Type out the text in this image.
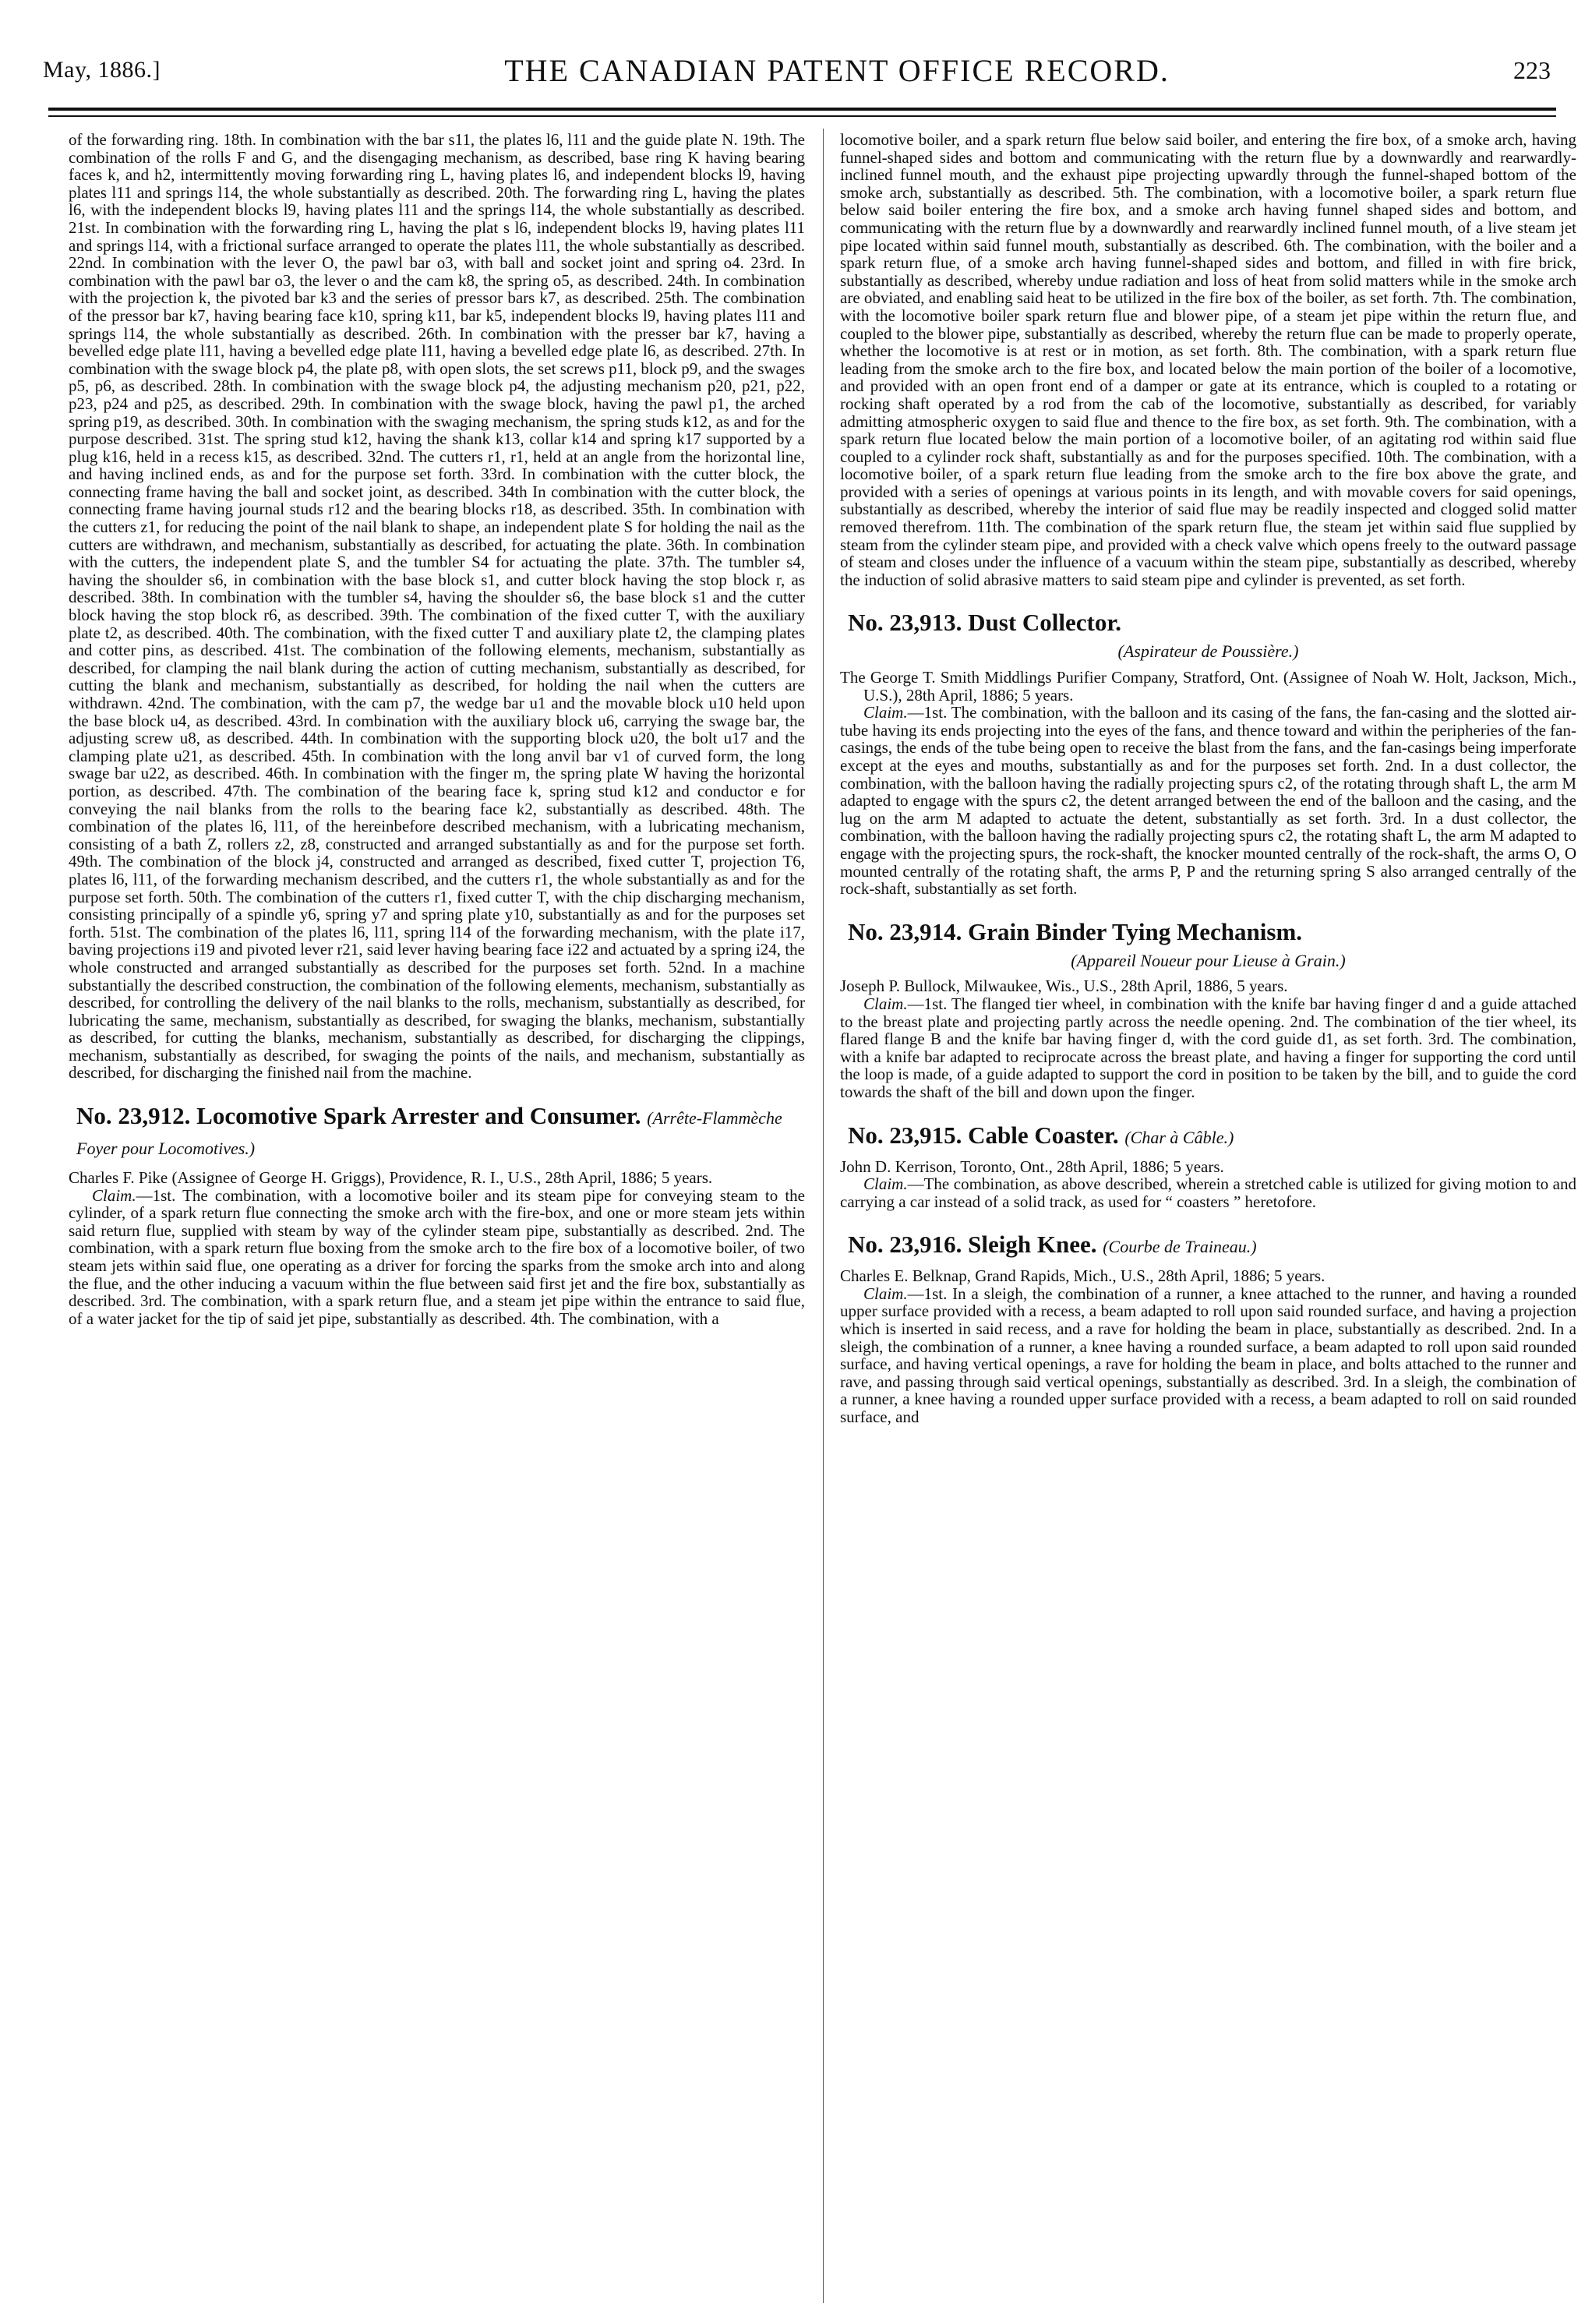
May, 1886.]	THE CANADIAN PATENT OFFICE RECORD.	223

of the forwarding ring. 18th. In combination with the bar s11, the plates l6, l11 and the guide plate N. 19th. The combination of the rolls F and G, and the disengaging mechanism, as described, base ring K having bearing faces k, and h2, intermittently moving forwarding ring L, having plates l6, and independent blocks l9, having plates l11 and springs l14, the whole substantially as described. 20th. The forwarding ring L, having the plates l6, with the independent blocks l9, having plates l11 and the springs l14, the whole substantially as described. 21st. In combination with the forwarding ring L, having the plat s l6, independent blocks l9, having plates l11 and springs l14, with a frictional surface arranged to operate the plates l11, the whole substantially as described. 22nd. In combination with the lever O, the pawl bar o3, with ball and socket joint and spring o4. 23rd. In combination with the pawl bar o3, the lever o and the cam k8, the spring o5, as described. 24th. In combination with the projection k, the pivoted bar k3 and the series of pressor bars k7, as described. 25th. The combination of the pressor bar k7, having bearing face k10, spring k11, bar k5, independent blocks l9, having plates l11 and springs l14, the whole substantially as described. 26th. In combination with the presser bar k7, having a bevelled edge plate l11, having a bevelled edge plate l11, having a bevelled edge plate l6, as described. 27th. In combination with the swage block p4, the plate p8, with open slots, the set screws p11, block p9, and the swages p5, p6, as described. 28th. In combination with the swage block p4, the adjusting mechanism p20, p21, p22, p23, p24 and p25, as described. 29th. In combination with the swage block, having the pawl p1, the arched spring p19, as described. 30th. In combination with the swaging mechanism, the spring studs k12, as and for the purpose described. 31st. The spring stud k12, having the shank k13, collar k14 and spring k17 supported by a plug k16, held in a recess k15, as described. 32nd. The cutters r1, r1, held at an angle from the horizontal line, and having inclined ends, as and for the purpose set forth. 33rd. In combination with the cutter block, the connecting frame having the ball and socket joint, as described. 34th In combination with the cutter block, the connecting frame having journal studs r12 and the bearing blocks r18, as described. 35th. In combination with the cutters z1, for reducing the point of the nail blank to shape, an independent plate S for holding the nail as the cutters are withdrawn, and mechanism, substantially as described, for actuating the plate. 36th. In combination with the cutters, the independent plate S, and the tumbler S4 for actuating the plate. 37th. The tumbler s4, having the shoulder s6, in combination with the base block s1, and cutter block having the stop block r, as described. 38th. In combination with the tumbler s4, having the shoulder s6, the base block s1 and the cutter block having the stop block r6, as described. 39th. The combination of the fixed cutter T, with the auxiliary plate t2, as described. 40th. The combination, with the fixed cutter T and auxiliary plate t2, the clamping plates and cotter pins, as described. 41st. The combination of the following elements, mechanism, substantially as described, for clamping the nail blank during the action of cutting mechanism, substantially as described, for cutting the blank and mechanism, substantially as described, for holding the nail when the cutters are withdrawn. 42nd. The combination, with the cam p7, the wedge bar u1 and the movable block u10 held upon the base block u4, as described. 43rd. In combination with the auxiliary block u6, carrying the swage bar, the adjusting screw u8, as described. 44th. In combination with the supporting block u20, the bolt u17 and the clamping plate u21, as described. 45th. In combination with the long anvil bar v1 of curved form, the long swage bar u22, as described. 46th. In combination with the finger m, the spring plate W having the horizontal portion, as described. 47th. The combination of the bearing face k, spring stud k12 and conductor e for conveying the nail blanks from the rolls to the bearing face k2, substantially as described. 48th. The combination of the plates l6, l11, of the hereinbefore described mechanism, with a lubricating mechanism, consisting of a bath Z, rollers z2, z8, constructed and arranged substantially as and for the purpose set forth. 49th. The combination of the block j4, constructed and arranged as described, fixed cutter T, projection T6, plates l6, l11, of the forwarding mechanism described, and the cutters r1, the whole substantially as and for the purpose set forth. 50th. The combination of the cutters r1, fixed cutter T, with the chip discharging mechanism, consisting principally of a spindle y6, spring y7 and spring plate y10, substantially as and for the purposes set forth. 51st. The combination of the plates l6, l11, spring l14 of the forwarding mechanism, with the plate i17, baving projections i19 and pivoted lever r21, said lever having bearing face i22 and actuated by a spring i24, the whole constructed and arranged substantially as described for the purposes set forth. 52nd. In a machine substantially the described construction, the combination of the following elements, mechanism, substantially as described, for controlling the delivery of the nail blanks to the rolls, mechanism, substantially as described, for lubricating the same, mechanism, substantially as described, for swaging the blanks, mechanism, substantially as described, for cutting the blanks, mechanism, substantially as described, for discharging the clippings, mechanism, substantially as described, for swaging the points of the nails, and mechanism, substantially as described, for discharging the finished nail from the machine.

No. 23,912. Locomotive Spark Arrester and Consumer. (Arrête-Flammèche Foyer pour Locomotives.)

Charles F. Pike (Assignee of George H. Griggs), Providence, R. I., U.S., 28th April, 1886; 5 years.

Claim.—1st. The combination, with a locomotive boiler and its steam pipe for conveying steam to the cylinder, of a spark return flue connecting the smoke arch with the fire-box, and one or more steam jets within said return flue, supplied with steam by way of the cylinder steam pipe, substantially as described. 2nd. The combination, with a spark return flue boxing from the smoke arch to the fire box of a locomotive boiler, of two steam jets within said flue, one operating as a driver for forcing the sparks from the smoke arch into and along the flue, and the other inducing a vacuum within the flue between said first jet and the fire box, substantially as described. 3rd. The combination, with a spark return flue, and a steam jet pipe within the entrance to said flue, of a water jacket for the tip of said jet pipe, substantially as described. 4th. The combination, with a

locomotive boiler, and a spark return flue below said boiler, and entering the fire box, of a smoke arch, having funnel-shaped sides and bottom and communicating with the return flue by a downwardly and rearwardly-inclined funnel mouth, and the exhaust pipe projecting upwardly through the funnel-shaped bottom of the smoke arch, substantially as described. 5th. The combination, with a locomotive boiler, a spark return flue below said boiler entering the fire box, and a smoke arch having funnel shaped sides and bottom, and communicating with the return flue by a downwardly and rearwardly inclined funnel mouth, of a live steam jet pipe located within said funnel mouth, substantially as described. 6th. The combination, with the boiler and a spark return flue, of a smoke arch having funnel-shaped sides and bottom, and filled in with fire brick, substantially as described, whereby undue radiation and loss of heat from solid matters while in the smoke arch are obviated, and enabling said heat to be utilized in the fire box of the boiler, as set forth. 7th. The combination, with the locomotive boiler spark return flue and blower pipe, of a steam jet pipe within the return flue, and coupled to the blower pipe, substantially as described, whereby the return flue can be made to properly operate, whether the locomotive is at rest or in motion, as set forth. 8th. The combination, with a spark return flue leading from the smoke arch to the fire box, and located below the main portion of the boiler of a locomotive, and provided with an open front end of a damper or gate at its entrance, which is coupled to a rotating or rocking shaft operated by a rod from the cab of the locomotive, substantially as described, for variably admitting atmospheric oxygen to said flue and thence to the fire box, as set forth. 9th. The combination, with a spark return flue located below the main portion of a locomotive boiler, of an agitating rod within said flue coupled to a cylinder rock shaft, substantially as and for the purposes specified. 10th. The combination, with a locomotive boiler, of a spark return flue leading from the smoke arch to the fire box above the grate, and provided with a series of openings at various points in its length, and with movable covers for said openings, substantially as described, whereby the interior of said flue may be readily inspected and clogged solid matter removed therefrom. 11th. The combination of the spark return flue, the steam jet within said flue supplied by steam from the cylinder steam pipe, and provided with a check valve which opens freely to the outward passage of steam and closes under the influence of a vacuum within the steam pipe, substantially as described, whereby the induction of solid abrasive matters to said steam pipe and cylinder is prevented, as set forth.

No. 23,913. Dust Collector.
(Aspirateur de Poussière.)

The George T. Smith Middlings Purifier Company, Stratford, Ont. (Assignee of Noah W. Holt, Jackson, Mich., U.S.), 28th April, 1886; 5 years.

Claim.—1st. The combination, with the balloon and its casing of the fans, the fan-casing and the slotted air-tube having its ends projecting into the eyes of the fans, and thence toward and within the peripheries of the fan-casings, the ends of the tube being open to receive the blast from the fans, and the fan-casings being imperforate except at the eyes and mouths, substantially as and for the purposes set forth. 2nd. In a dust collector, the combination, with the balloon having the radially projecting spurs c2, of the rotating through shaft L, the arm M adapted to engage with the spurs c2, the detent arranged between the end of the balloon and the casing, and the lug on the arm M adapted to actuate the detent, substantially as set forth. 3rd. In a dust collector, the combination, with the balloon having the radially projecting spurs c2, the rotating shaft L, the arm M adapted to engage with the projecting spurs, the rock-shaft, the knocker mounted centrally of the rock-shaft, the arms O, O mounted centrally of the rotating shaft, the arms P, P and the returning spring S also arranged centrally of the rock-shaft, substantially as set forth.

No. 23,914. Grain Binder Tying Mechanism.
(Appareil Noueur pour Lieuse à Grain.)

Joseph P. Bullock, Milwaukee, Wis., U.S., 28th April, 1886, 5 years.

Claim.—1st. The flanged tier wheel, in combination with the knife bar having finger d and a guide attached to the breast plate and projecting partly across the needle opening. 2nd. The combination of the tier wheel, its flared flange B and the knife bar having finger d, with the cord guide d1, as set forth. 3rd. The combination, with a knife bar adapted to reciprocate across the breast plate, and having a finger for supporting the cord until the loop is made, of a guide adapted to support the cord in position to be taken by the bill, and to guide the cord towards the shaft of the bill and down upon the finger.

No. 23,915. Cable Coaster. (Char à Câble.)

John D. Kerrison, Toronto, Ont., 28th April, 1886; 5 years.

Claim.—The combination, as above described, wherein a stretched cable is utilized for giving motion to and carrying a car instead of a solid track, as used for “ coasters ” heretofore.

No. 23,916. Sleigh Knee. (Courbe de Traineau.)

Charles E. Belknap, Grand Rapids, Mich., U.S., 28th April, 1886; 5 years.

Claim.—1st. In a sleigh, the combination of a runner, a knee attached to the runner, and having a rounded upper surface provided with a recess, a beam adapted to roll upon said rounded surface, and having a projection which is inserted in said recess, and a rave for holding the beam in place, substantially as described. 2nd. In a sleigh, the combination of a runner, a knee having a rounded surface, a beam adapted to roll upon said rounded surface, and having vertical openings, a rave for holding the beam in place, and bolts attached to the runner and rave, and passing through said vertical openings, substantially as described. 3rd. In a sleigh, the combination of a runner, a knee having a rounded upper surface provided with a recess, a beam adapted to roll on said rounded surface, and
